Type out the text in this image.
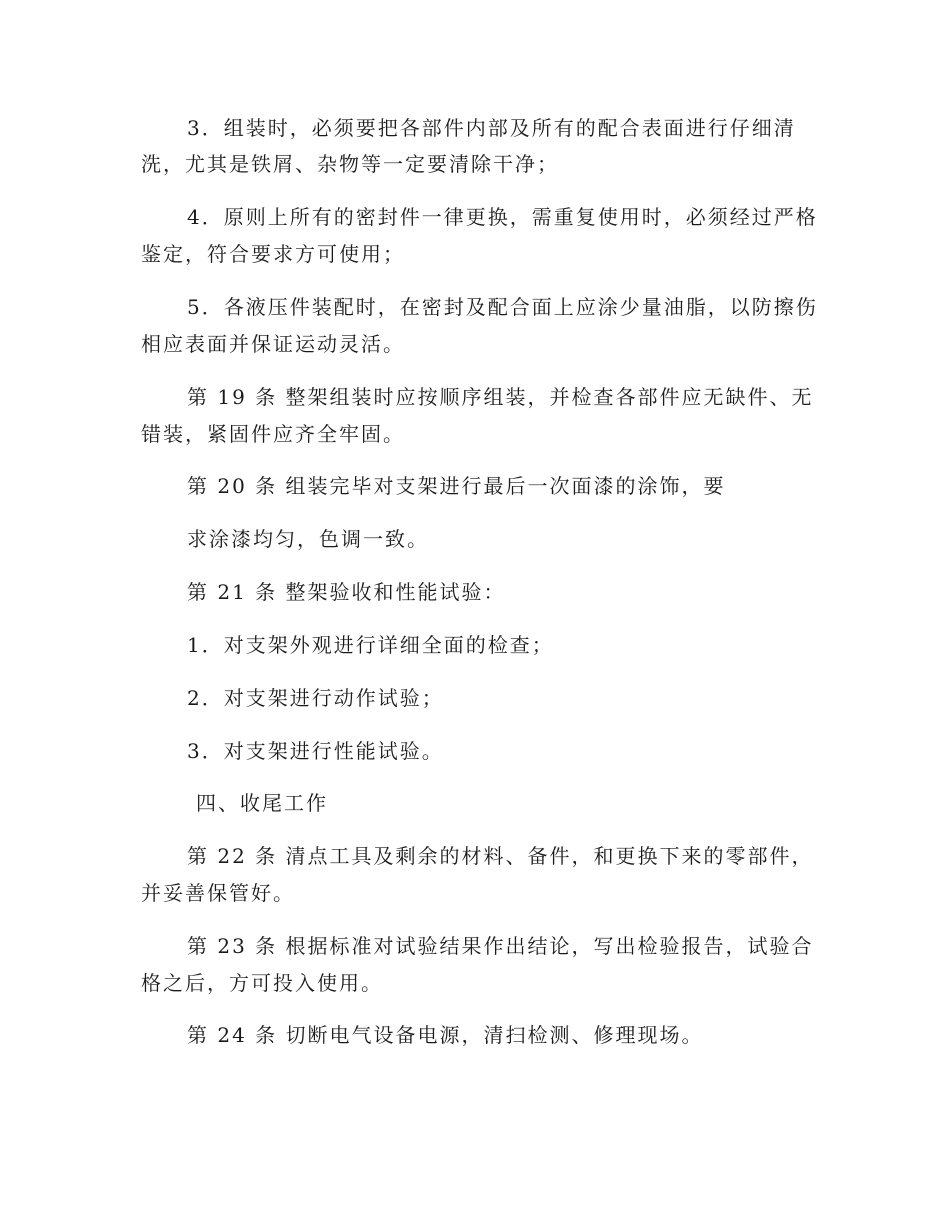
3．组装时，必须要把各部件内部及所有的配合表面进行仔细清
洗，尤其是铁屑、杂物等一定要清除干净；
4．原则上所有的密封件一律更换，需重复使用时，必须经过严格
鉴定，符合要求方可使用；
5．各液压件装配时，在密封及配合面上应涂少量油脂，以防擦伤
相应表面并保证运动灵活。
第 19 条 整架组装时应按顺序组装，并检查各部件应无缺件、无
错装，紧固件应齐全牢固。
第 20 条 组装完毕对支架进行最后一次面漆的涂饰，要
求涂漆均匀，色调一致。
第 21 条 整架验收和性能试验：
1．对支架外观进行详细全面的检查；
2．对支架进行动作试验；
3．对支架进行性能试验。
四、收尾工作
第 22 条 清点工具及剩余的材料、备件，和更换下来的零部件，
并妥善保管好。
第 23 条 根据标准对试验结果作出结论，写出检验报告，试验合
格之后，方可投入使用。
第 24 条 切断电气设备电源，清扫检测、修理现场。
